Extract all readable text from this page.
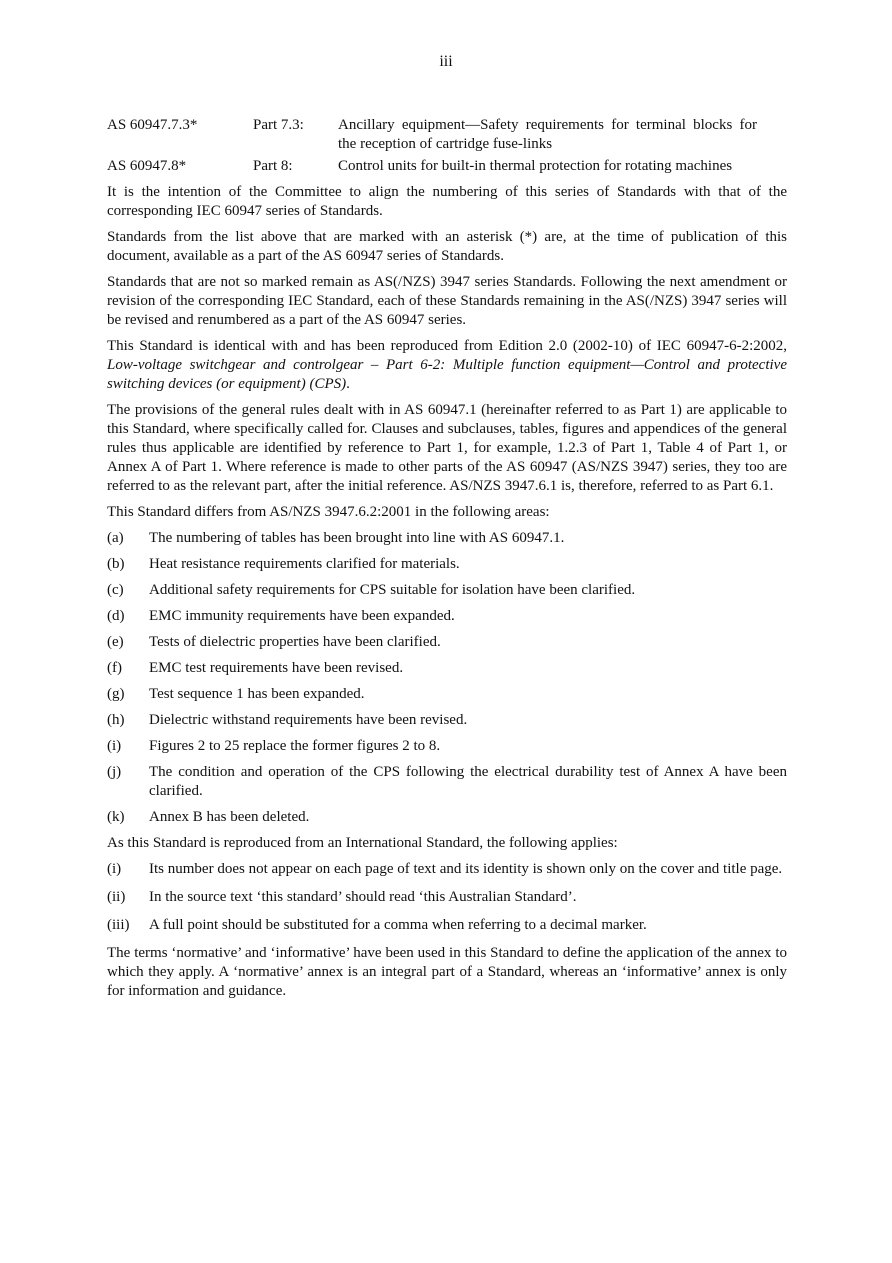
iii
AS 60947.7.3*	Part 7.3:	Ancillary equipment—Safety requirements for terminal blocks for the reception of cartridge fuse-links
AS 60947.8*	Part 8:	Control units for built-in thermal protection for rotating machines

It is the intention of the Committee to align the numbering of this series of Standards with that of the corresponding IEC 60947 series of Standards.

Standards from the list above that are marked with an asterisk (*) are, at the time of publication of this document, available as a part of the AS 60947 series of Standards.

Standards that are not so marked remain as AS(/NZS) 3947 series Standards. Following the next amendment or revision of the corresponding IEC Standard, each of these Standards remaining in the AS(/NZS) 3947 series will be revised and renumbered as a part of the AS 60947 series.

This Standard is identical with and has been reproduced from Edition 2.0 (2002-10) of IEC 60947-6-2:2002, Low-voltage switchgear and controlgear – Part 6-2: Multiple function equipment—Control and protective switching devices (or equipment) (CPS).

The provisions of the general rules dealt with in AS 60947.1 (hereinafter referred to as Part 1) are applicable to this Standard, where specifically called for. Clauses and subclauses, tables, figures and appendices of the general rules thus applicable are identified by reference to Part 1, for example, 1.2.3 of Part 1, Table 4 of Part 1, or Annex A of Part 1. Where reference is made to other parts of the AS 60947 (AS/NZS 3947) series, they too are referred to as the relevant part, after the initial reference. AS/NZS 3947.6.1 is, therefore, referred to as Part 6.1.

This Standard differs from AS/NZS 3947.6.2:2001 in the following areas:

(a)	The numbering of tables has been brought into line with AS 60947.1.
(b)	Heat resistance requirements clarified for materials.
(c)	Additional safety requirements for CPS suitable for isolation have been clarified.
(d)	EMC immunity requirements have been expanded.
(e)	Tests of dielectric properties have been clarified.
(f)	EMC test requirements have been revised.
(g)	Test sequence 1 has been expanded.
(h)	Dielectric withstand requirements have been revised.
(i)	Figures 2 to 25 replace the former figures 2 to 8.
(j)	The condition and operation of the CPS following the electrical durability test of Annex A have been clarified.
(k)	Annex B has been deleted.

As this Standard is reproduced from an International Standard, the following applies:

(i)	Its number does not appear on each page of text and its identity is shown only on the cover and title page.
(ii)	In the source text ‘this standard’ should read ‘this Australian Standard’.
(iii)	A full point should be substituted for a comma when referring to a decimal marker.

The terms ‘normative’ and ‘informative’ have been used in this Standard to define the application of the annex to which they apply. A ‘normative’ annex is an integral part of a Standard, whereas an ‘informative’ annex is only for information and guidance.
